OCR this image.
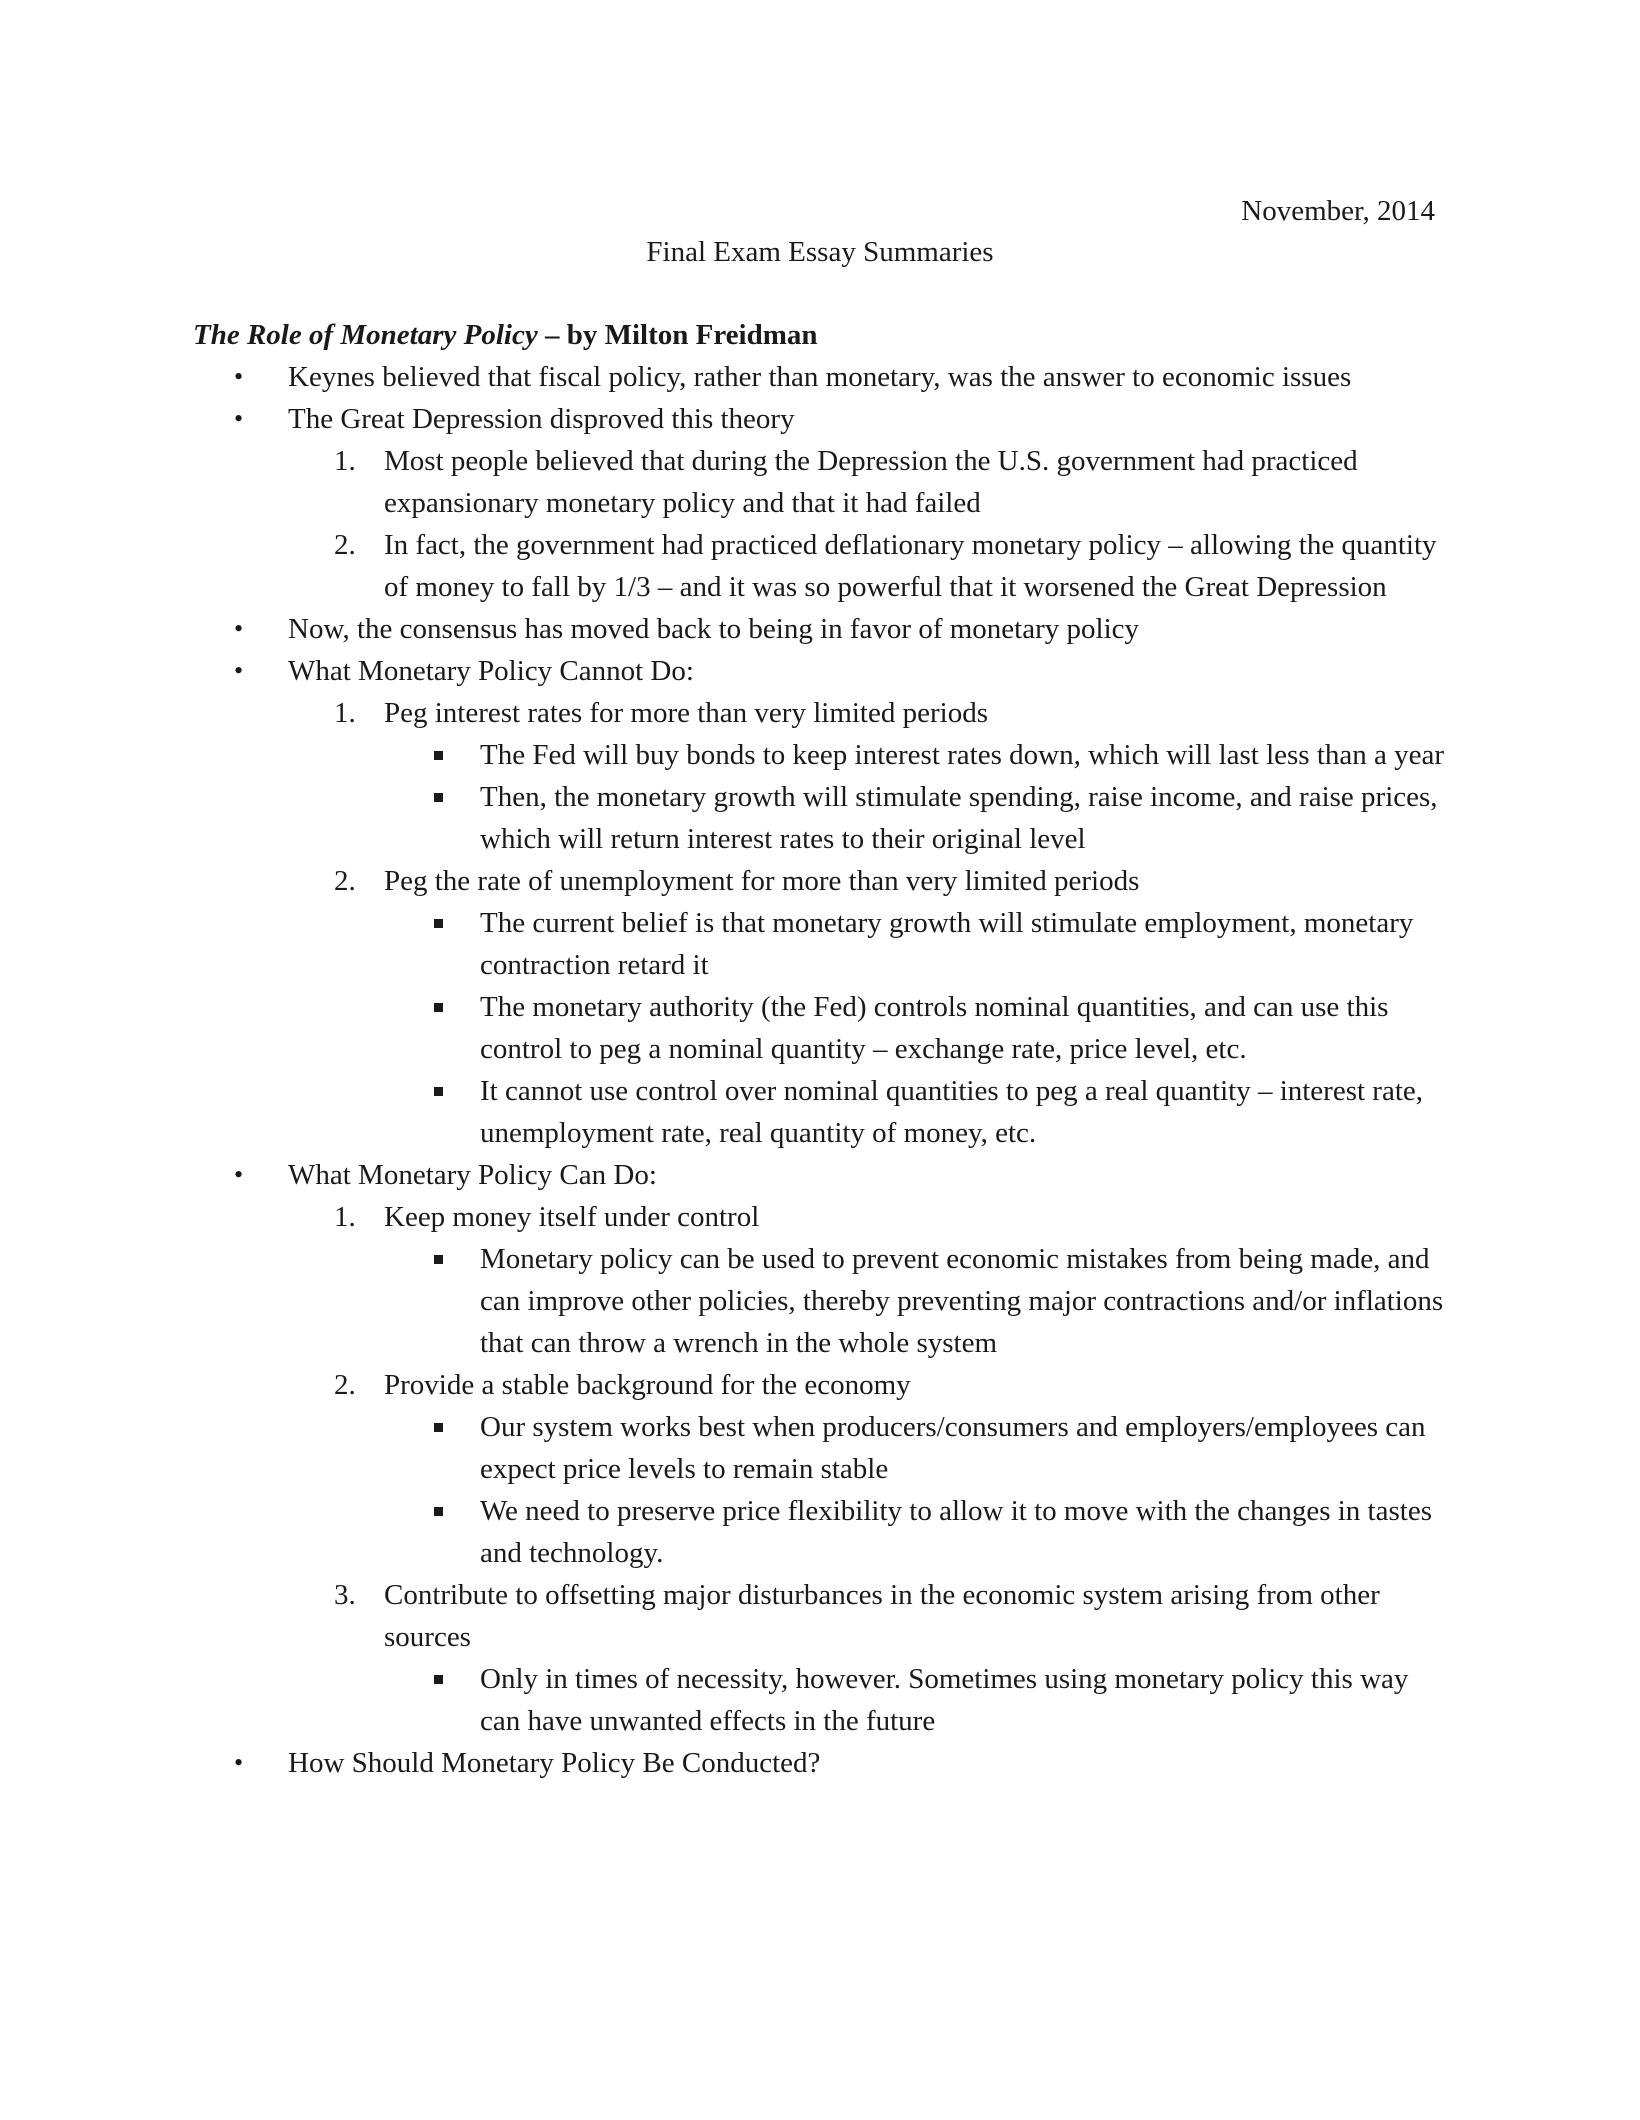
November, 2014
Final Exam Essay Summaries
The Role of Monetary Policy – by Milton Freidman
• Keynes believed that fiscal policy, rather than monetary, was the answer to economic issues
• The Great Depression disproved this theory
1. Most people believed that during the Depression the U.S. government had practiced expansionary monetary policy and that it had failed
2. In fact, the government had practiced deflationary monetary policy – allowing the quantity of money to fall by 1/3 – and it was so powerful that it worsened the Great Depression
• Now, the consensus has moved back to being in favor of monetary policy
• What Monetary Policy Cannot Do:
1. Peg interest rates for more than very limited periods
The Fed will buy bonds to keep interest rates down, which will last less than a year
Then, the monetary growth will stimulate spending, raise income, and raise prices, which will return interest rates to their original level
2. Peg the rate of unemployment for more than very limited periods
The current belief is that monetary growth will stimulate employment, monetary contraction retard it
The monetary authority (the Fed) controls nominal quantities, and can use this control to peg a nominal quantity – exchange rate, price level, etc.
It cannot use control over nominal quantities to peg a real quantity – interest rate, unemployment rate, real quantity of money, etc.
• What Monetary Policy Can Do:
1. Keep money itself under control
Monetary policy can be used to prevent economic mistakes from being made, and can improve other policies, thereby preventing major contractions and/or inflations that can throw a wrench in the whole system
2. Provide a stable background for the economy
Our system works best when producers/consumers and employers/employees can expect price levels to remain stable
We need to preserve price flexibility to allow it to move with the changes in tastes and technology.
3. Contribute to offsetting major disturbances in the economic system arising from other sources
Only in times of necessity, however. Sometimes using monetary policy this way can have unwanted effects in the future
• How Should Monetary Policy Be Conducted?
